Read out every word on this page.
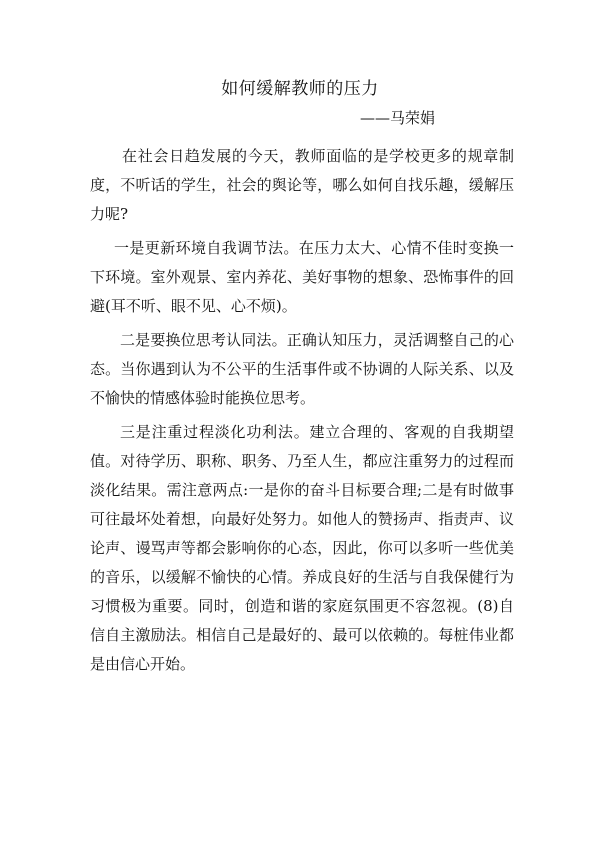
如何缓解教师的压力
——马荣娟

在社会日趋发展的今天，教师面临的是学校更多的规章制度，不听话的学生，社会的舆论等，哪么如何自找乐趣，缓解压力呢?

一是更新环境自我调节法。在压力太大、心情不佳时变换一下环境。室外观景、室内养花、美好事物的想象、恐怖事件的回避(耳不听、眼不见、心不烦)。

二是要换位思考认同法。正确认知压力，灵活调整自己的心态。当你遇到认为不公平的生活事件或不协调的人际关系、以及不愉快的情感体验时能换位思考。

三是注重过程淡化功利法。建立合理的、客观的自我期望值。对待学历、职称、职务、乃至人生，都应注重努力的过程而淡化结果。需注意两点:一是你的奋斗目标要合理;二是有时做事可往最坏处着想，向最好处努力。如他人的赞扬声、指责声、议论声、谩骂声等都会影响你的心态，因此，你可以多听一些优美的音乐，以缓解不愉快的心情。养成良好的生活与自我保健行为习惯极为重要。同时，创造和谐的家庭氛围更不容忽视。(8)自信自主激励法。相信自己是最好的、最可以依赖的。每桩伟业都是由信心开始。
